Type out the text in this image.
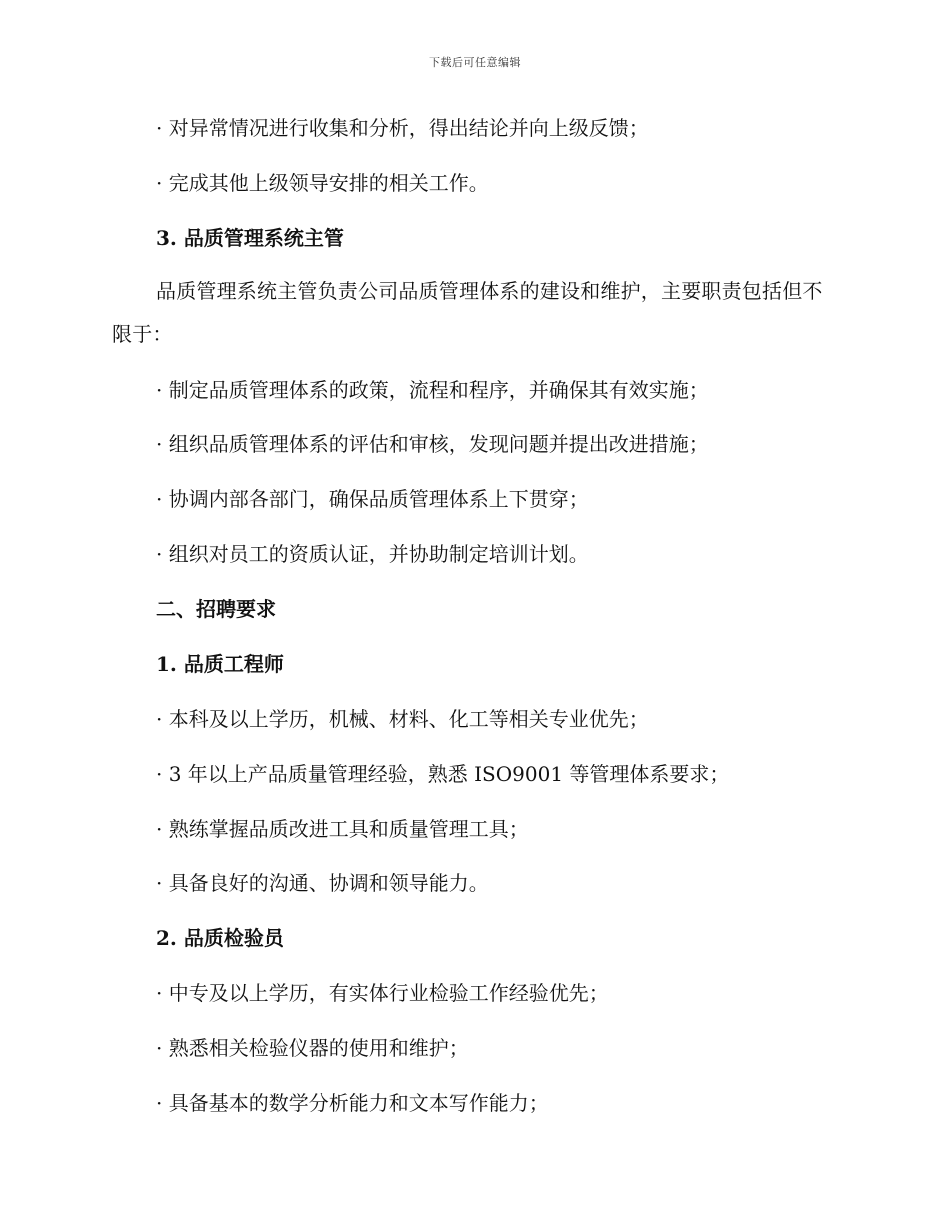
下载后可任意编辑
· 对异常情况进行收集和分析，得出结论并向上级反馈；
· 完成其他上级领导安排的相关工作。
3. 品质管理系统主管
品质管理系统主管负责公司品质管理体系的建设和维护，主要职责包括但不限于：
· 制定品质管理体系的政策，流程和程序，并确保其有效实施；
· 组织品质管理体系的评估和审核，发现问题并提出改进措施；
· 协调内部各部门，确保品质管理体系上下贯穿；
· 组织对员工的资质认证，并协助制定培训计划。
二、招聘要求
1. 品质工程师
· 本科及以上学历，机械、材料、化工等相关专业优先；
· 3 年以上产品质量管理经验，熟悉 ISO9001 等管理体系要求；
· 熟练掌握品质改进工具和质量管理工具；
· 具备良好的沟通、协调和领导能力。
2. 品质检验员
· 中专及以上学历，有实体行业检验工作经验优先；
· 熟悉相关检验仪器的使用和维护；
· 具备基本的数学分析能力和文本写作能力；
